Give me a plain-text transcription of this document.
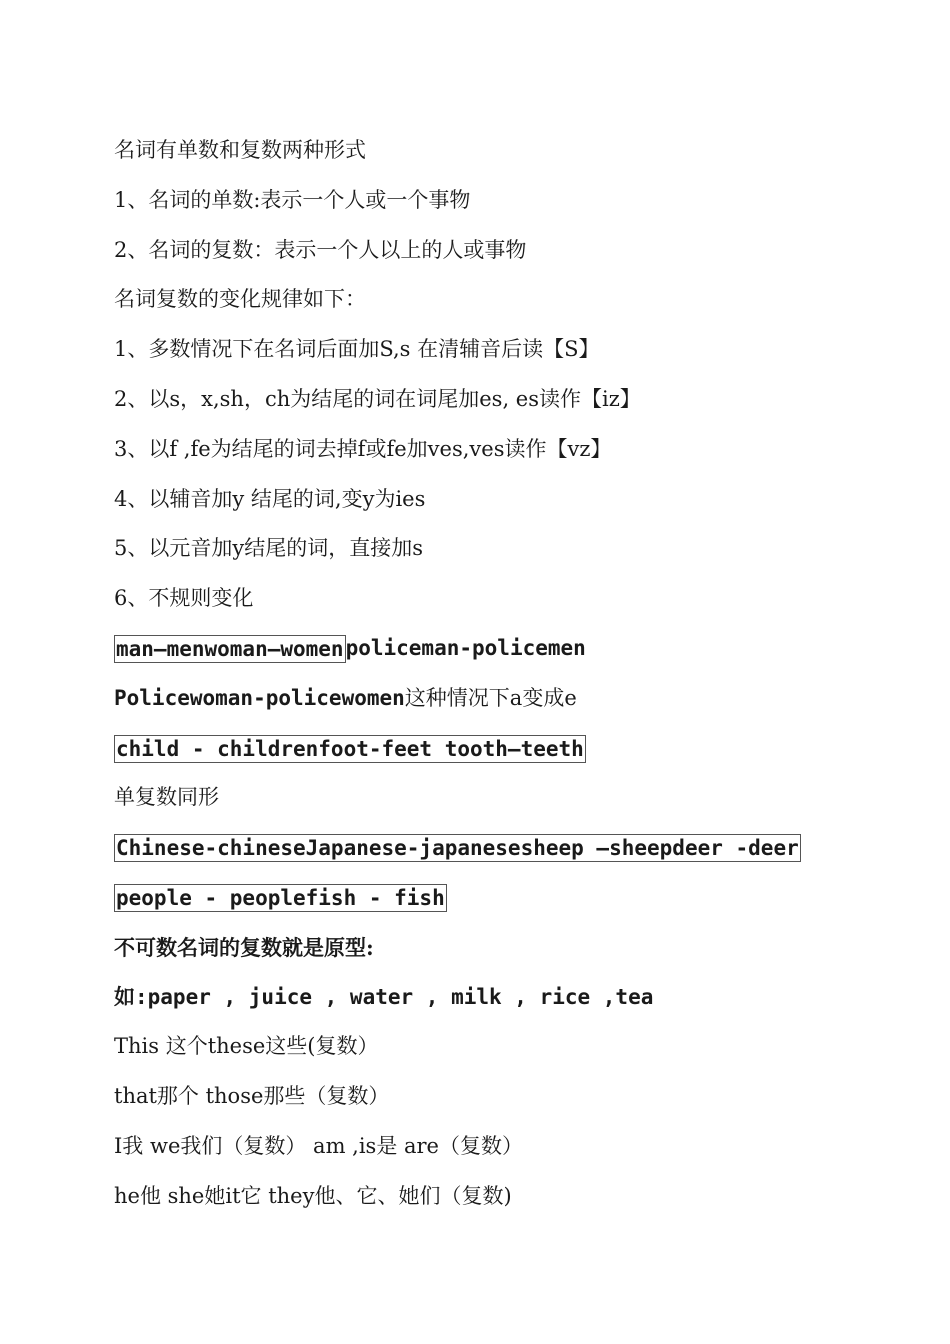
名词有单数和复数两种形式
1、名词的单数:表示一个人或一个事物
2、名词的复数：表示一个人以上的人或事物
名词复数的变化规律如下：
1、多数情况下在名词后面加S,s 在清辅音后读【S】
2、以s，x,sh，ch为结尾的词在词尾加es, es读作【iz】
3、以f ,fe为结尾的词去掉f或fe加ves,ves读作【vz】
4、以辅音加y 结尾的词,变y为ies
5、以元音加y结尾的词，直接加s
6、不规则变化
man—menwoman—womenpoliceman-policemen
Policewoman-policewomen这种情况下a变成e
child - childrenfoot-feet tooth—teeth
单复数同形
Chinese-chineseJapanese-japanesesheep —sheepdeer -deer
people - peoplefish - fish
不可数名词的复数就是原型:
如:paper , juice , water , milk , rice ,tea
This 这个these这些(复数）
that那个 those那些（复数）
I我 we我们（复数） am ,is是 are（复数）
he他 she她it它 they他、它、她们（复数)
